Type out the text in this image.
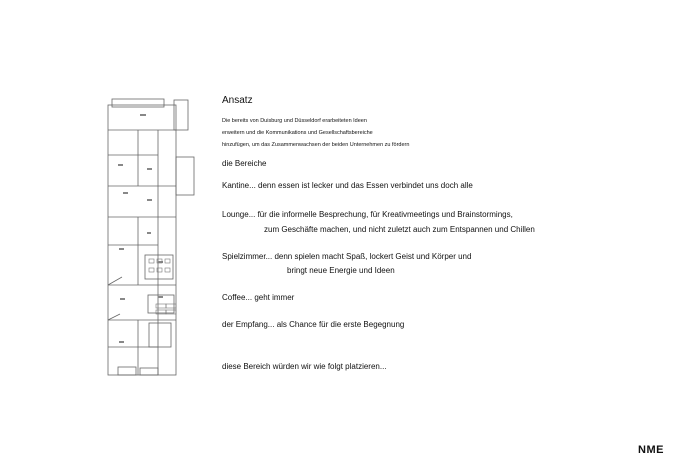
Ansatz
Die bereits von Duisburg und Düsseldorf erarbeiteten Ideen
erweitern und die Kommunikations und Gesellschaftsbereiche
hinzufügen, um das Zusammenwachsen der beiden Unternehmen zu fördern
die Bereiche
Kantine... denn essen ist lecker und das Essen verbindet uns doch alle
Lounge... für die informelle Besprechung, für Kreativmeetings und Brainstormings,
zum Geschäfte machen, und nicht zuletzt auch zum Entspannen und Chillen
Spielzimmer... denn spielen macht Spaß, lockert Geist und Körper und
bringt neue Energie und Ideen
Coffee... geht immer
der Empfang... als Chance für die erste Begegnung
diese Bereich würden wir wie folgt platzieren...
NME
